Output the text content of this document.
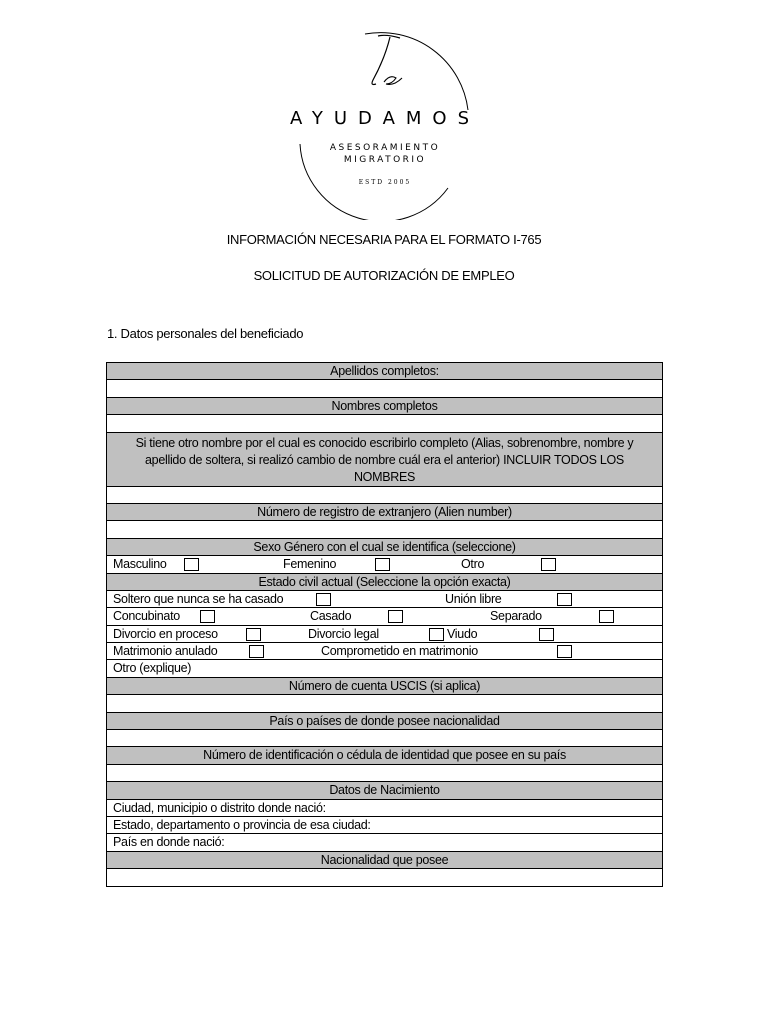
AYUDAMOS
ASESORAMIENTO
MIGRATORIO
ESTD 2005
INFORMACIÓN NECESARIA PARA EL FORMATO I-765
SOLICITUD DE AUTORIZACIÓN DE EMPLEO
1. Datos personales del beneficiado
Apellidos completos:
Nombres completos
Si tiene otro nombre por el cual es conocido escribirlo completo (Alias, sobrenombre, nombre y apellido de soltera, si realizó cambio de nombre cuál era el anterior) INCLUIR TODOS LOS NOMBRES
Número de registro de extranjero (Alien number)
Sexo Género con el cual se identifica (seleccione)
Masculino	Femenino	Otro
Estado civil actual (Seleccione la opción exacta)
Soltero que nunca se ha casado	Unión libre
Concubinato	Casado	Separado
Divorcio en proceso	Divorcio legal	Viudo
Matrimonio anulado	Comprometido en matrimonio
Otro (explique)
Número de cuenta USCIS (si aplica)
País o países de donde posee nacionalidad
Número de identificación o cédula de identidad que posee en su país
Datos de Nacimiento
Ciudad, municipio o distrito donde nació:
Estado, departamento o provincia de esa ciudad:
País en donde nació:
Nacionalidad que posee
